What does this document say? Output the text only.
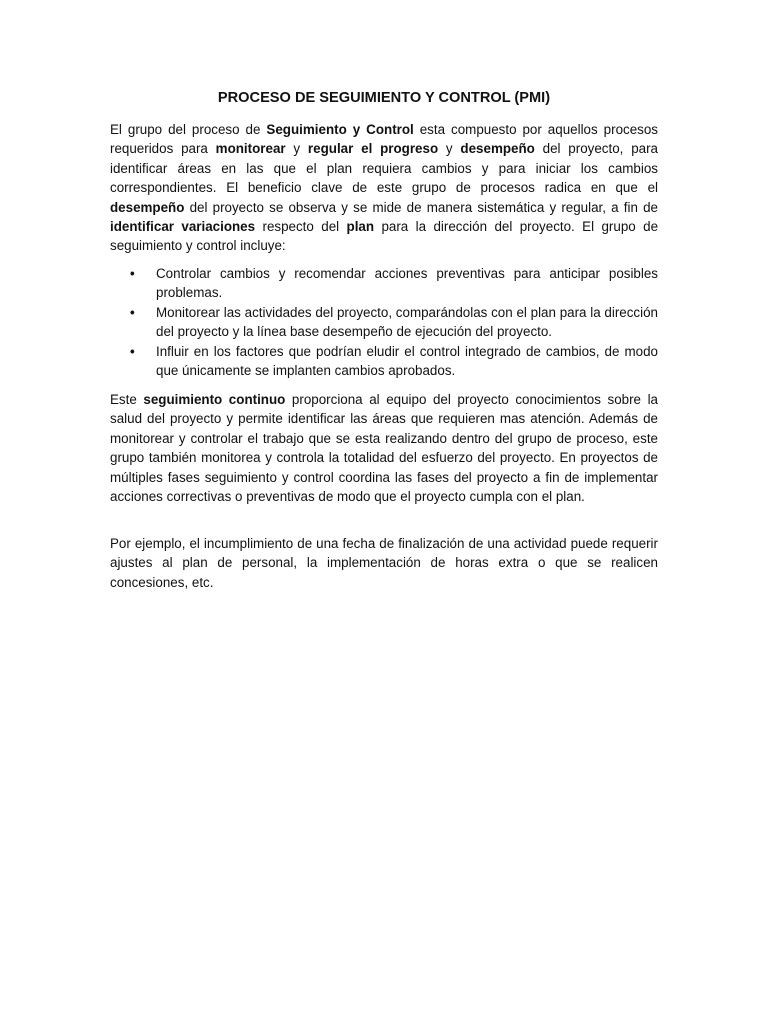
PROCESO DE SEGUIMIENTO Y CONTROL (PMI)

El grupo del proceso de Seguimiento y Control esta compuesto por aquellos procesos requeridos para monitorear y regular el progreso y desempeño del proyecto, para identificar áreas en las que el plan requiera cambios y para iniciar los cambios correspondientes. El beneficio clave de este grupo de procesos radica en que el desempeño del proyecto se observa y se mide de manera sistemática y regular, a fin de identificar variaciones respecto del plan para la dirección del proyecto. El grupo de seguimiento y control incluye:

• Controlar cambios y recomendar acciones preventivas para anticipar posibles problemas.
• Monitorear las actividades del proyecto, comparándolas con el plan para la dirección del proyecto y la línea base desempeño de ejecución del proyecto.
• Influir en los factores que podrían eludir el control integrado de cambios, de modo que únicamente se implanten cambios aprobados.

Este seguimiento continuo proporciona al equipo del proyecto conocimientos sobre la salud del proyecto y permite identificar las áreas que requieren mas atención. Además de monitorear y controlar el trabajo que se esta realizando dentro del grupo de proceso, este grupo también monitorea y controla la totalidad del esfuerzo del proyecto. En proyectos de múltiples fases seguimiento y control coordina las fases del proyecto a fin de implementar acciones correctivas o preventivas de modo que el proyecto cumpla con el plan.

Por ejemplo, el incumplimiento de una fecha de finalización de una actividad puede requerir ajustes al plan de personal, la implementación de horas extra o que se realicen concesiones, etc.
